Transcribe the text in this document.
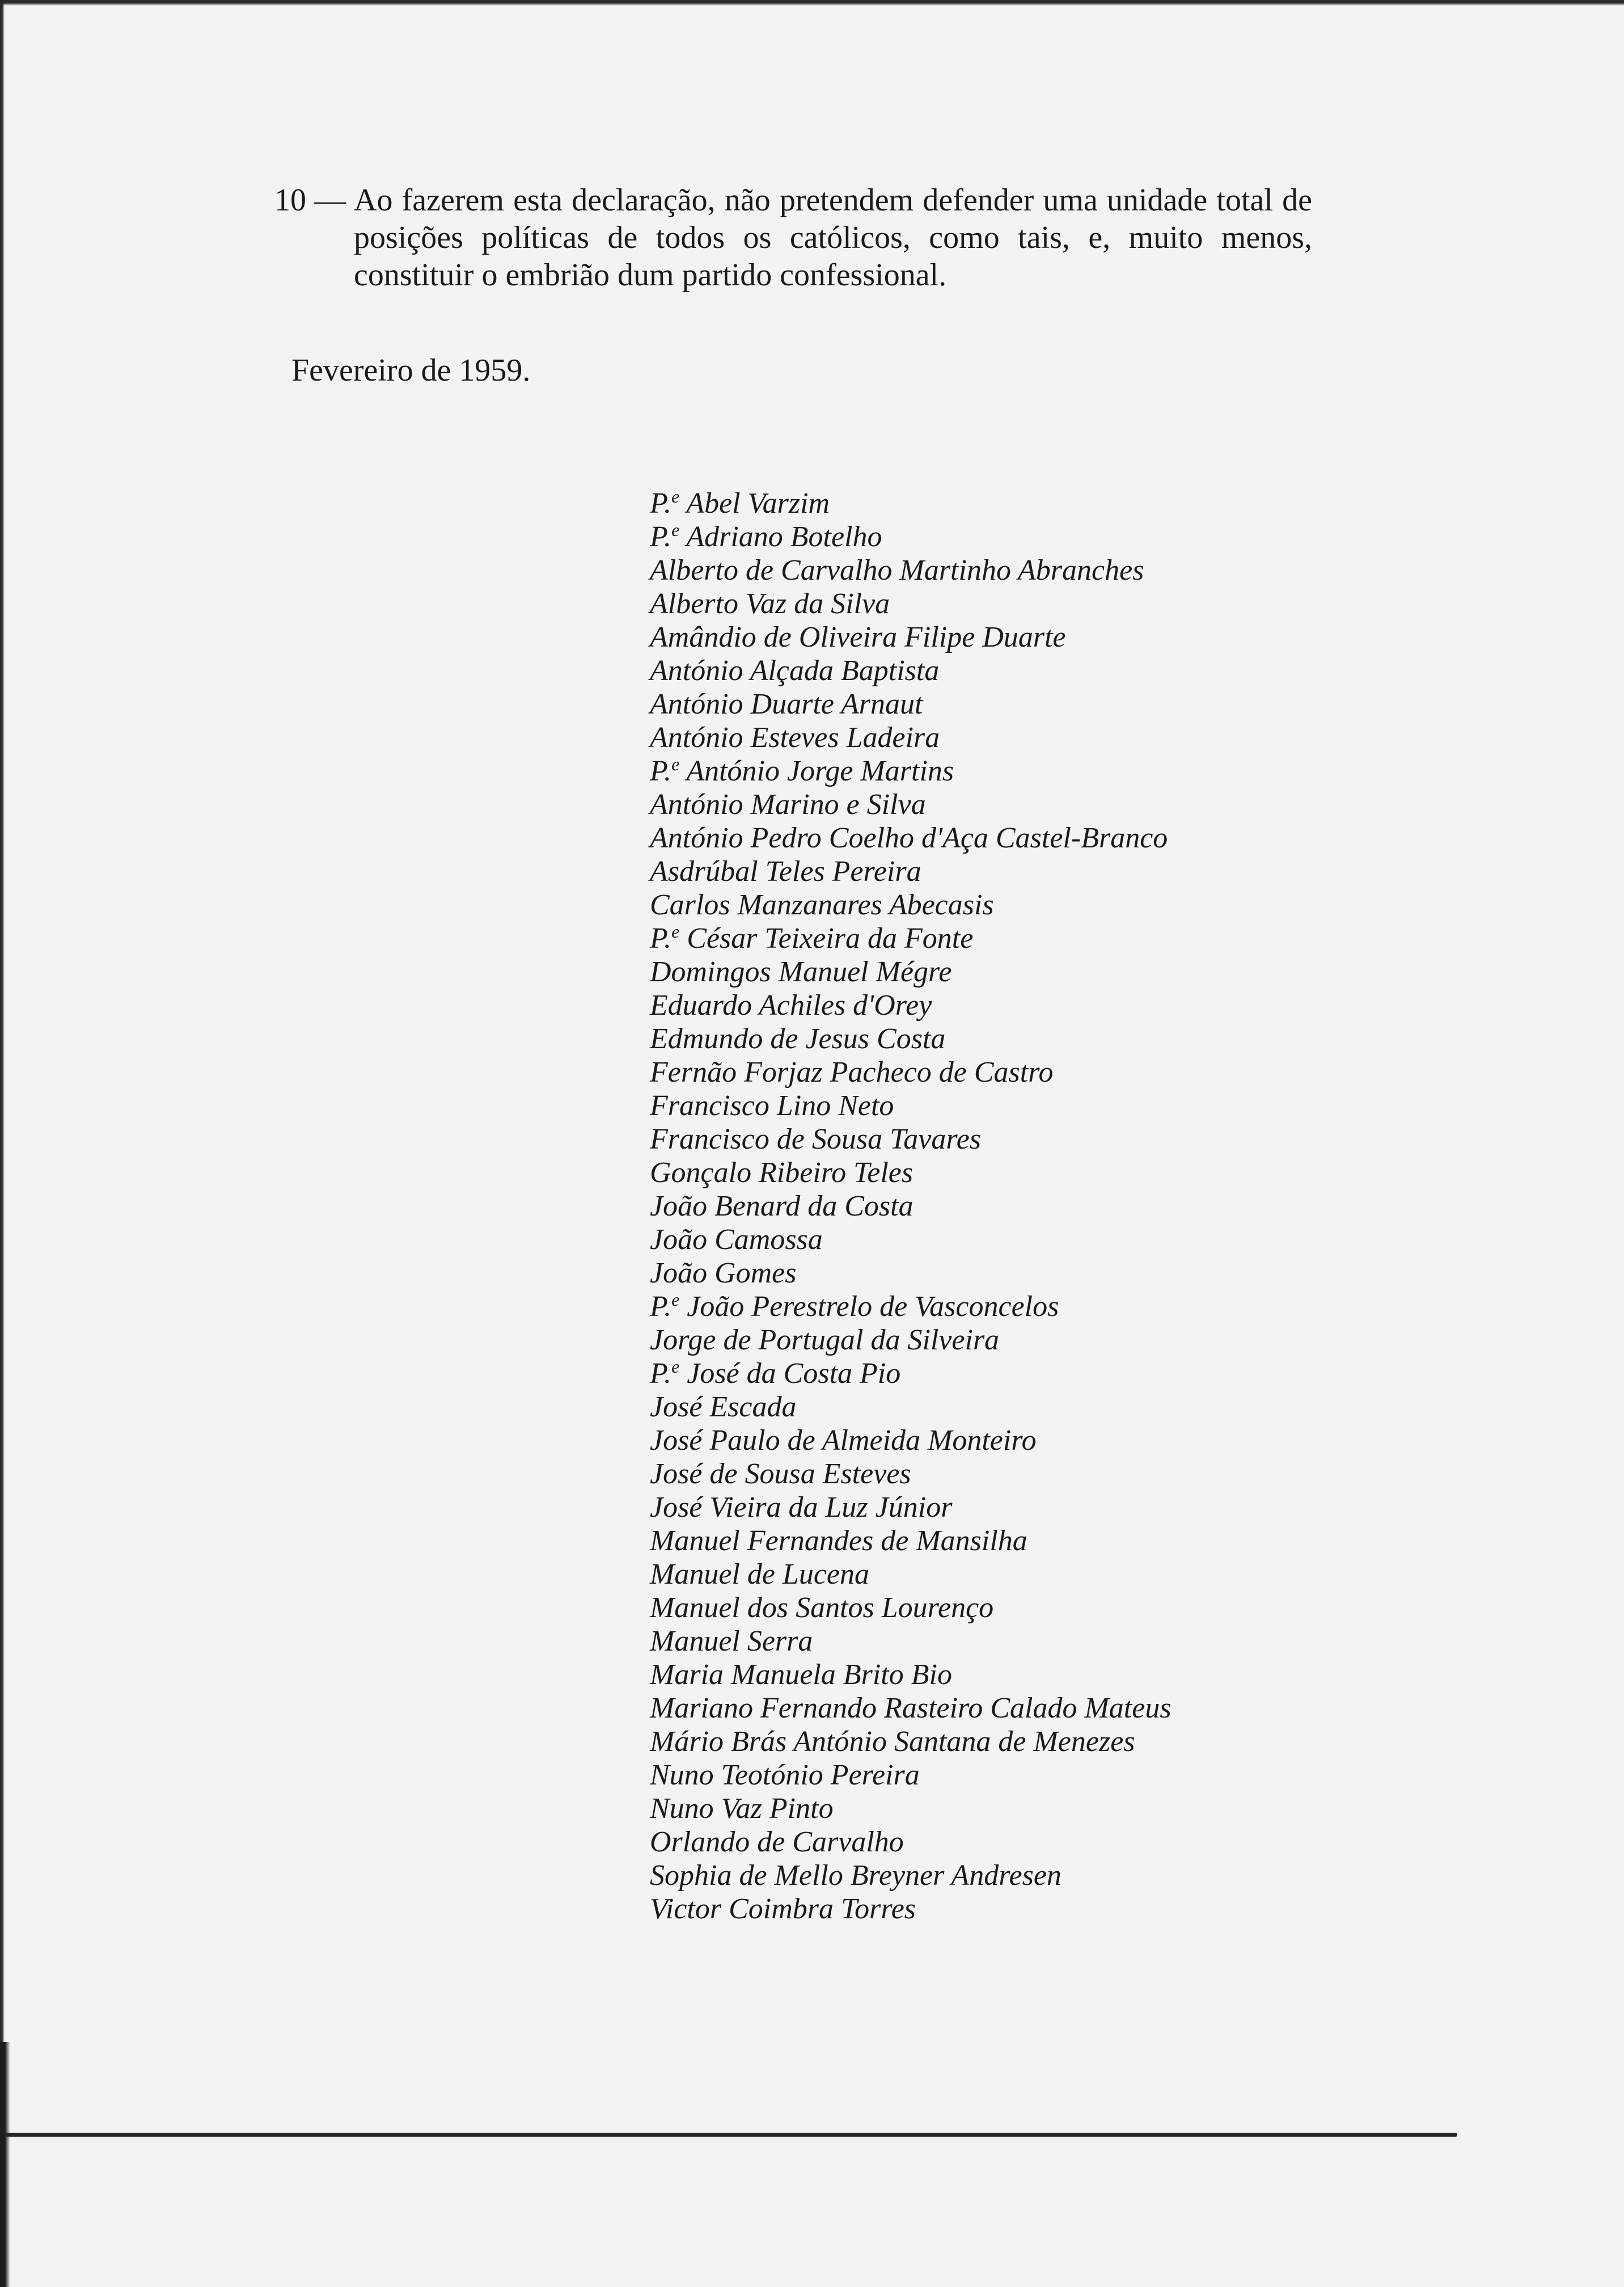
10 — Ao fazerem esta declaração, não pretendem defender uma unidade total de posições políticas de todos os católicos, como tais, e, muito menos, constituir o embrião dum partido confessional.
Fevereiro de 1959.
P.$^e$ Abel Varzim
P.$^e$ Adriano Botelho
Alberto de Carvalho Martinho Abranches
Alberto Vaz da Silva
Amândio de Oliveira Filipe Duarte
António Alçada Baptista
António Duarte Arnaut
António Esteves Ladeira
P.$^e$ António Jorge Martins
António Marino e Silva
António Pedro Coelho d'Aça Castel-Branco
Asdrúbal Teles Pereira
Carlos Manzanares Abecasis
P.$^e$ César Teixeira da Fonte
Domingos Manuel Mégre
Eduardo Achiles d'Orey
Edmundo de Jesus Costa
Fernão Forjaz Pacheco de Castro
Francisco Lino Neto
Francisco de Sousa Tavares
Gonçalo Ribeiro Teles
João Benard da Costa
João Camossa
João Gomes
P.$^e$ João Perestrelo de Vasconcelos
Jorge de Portugal da Silveira
P.$^e$ José da Costa Pio
José Escada
José Paulo de Almeida Monteiro
José de Sousa Esteves
José Vieira da Luz Júnior
Manuel Fernandes de Mansilha
Manuel de Lucena
Manuel dos Santos Lourenço
Manuel Serra
Maria Manuela Brito Bio
Mariano Fernando Rasteiro Calado Mateus
Mário Brás António Santana de Menezes
Nuno Teotónio Pereira
Nuno Vaz Pinto
Orlando de Carvalho
Sophia de Mello Breyner Andresen
Victor Coimbra Torres
